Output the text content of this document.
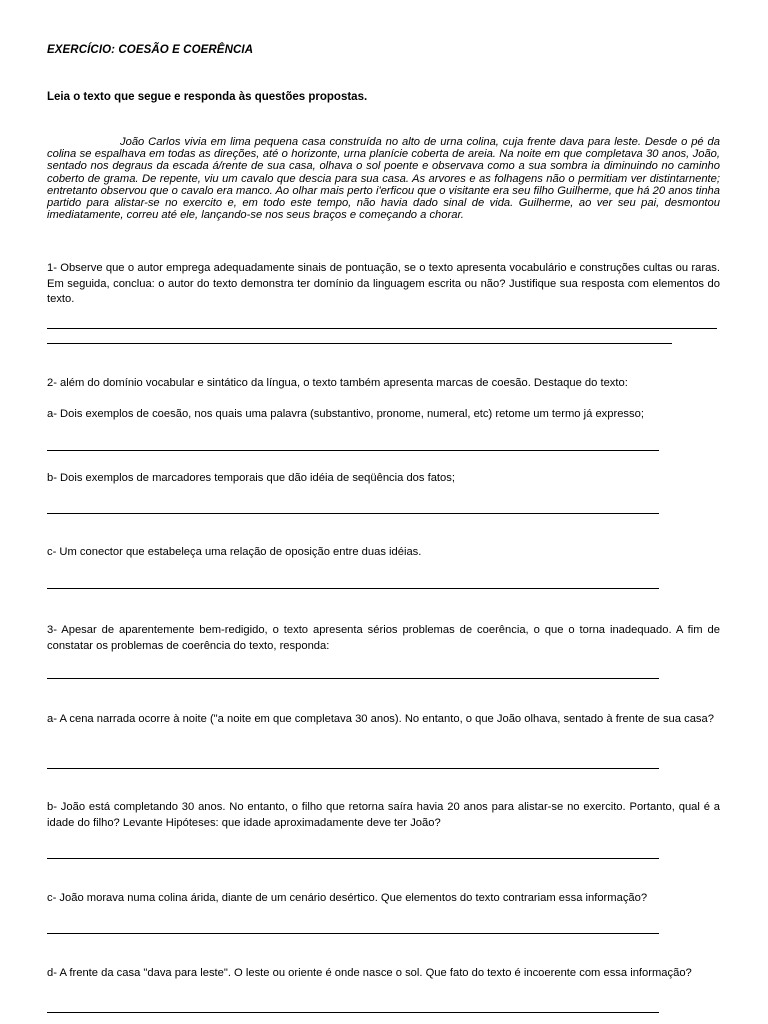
EXERCÍCIO: COESÃO E COERÊNCIA
Leia o texto que segue e responda às questões propostas.
João Carlos vivia em lima pequena casa construída no alto de urna colina, cuja frente dava para leste. Desde o pé da colina se espalhava em todas as direções, até o horizonte, urna planície coberta de areia. Na noite em que completava 30 anos, João, sentado nos degraus da escada á/rente de sua casa, olhava o sol poente e observava como a sua sombra ia diminuindo no caminho coberto de grama. De repente, viu um cavalo que descia para sua casa. As arvores e as folhagens não o permitiam ver distintarnente; entretanto observou que o cavalo era manco. Ao olhar mais perto i'erficou que o visitante era seu filho Guilherme, que há 20 anos tinha partido para alistar-se no exercito e, em todo este tempo, não havia dado sinal de vida. Guilherme, ao ver seu pai, desmontou imediatamente, correu até ele, lançando-se nos seus braços e começando a chorar.
1- Observe que o autor emprega adequadamente sinais de pontuação, se o texto apresenta vocabulário e construções cultas ou raras. Em seguida, conclua: o autor do texto demonstra ter domínio da linguagem escrita ou não? Justifique sua resposta com elementos do texto.
2- além do domínio vocabular e sintático da língua, o texto também apresenta marcas de coesão. Destaque do texto:
a- Dois exemplos de coesão, nos quais uma palavra (substantivo, pronome, numeral, etc) retome um termo já expresso;
b- Dois exemplos de marcadores temporais que dão idéia de seqüência dos fatos;
c- Um conector que estabeleça uma relação de oposição entre duas idéias.
3- Apesar de aparentemente bem-redigido, o texto apresenta sérios problemas de coerência, o que o torna inadequado. A fim de constatar os problemas de coerência do texto, responda:
a- A cena narrada ocorre à noite ("a noite em que completava 30 anos). No entanto, o que João olhava, sentado à frente de sua casa?
b- João está completando 30 anos. No entanto, o filho que retorna saíra havia 20 anos para alistar-se no exercito. Portanto, qual é a idade do filho? Levante Hipóteses: que idade aproximadamente deve ter João?
c- João morava numa colina árida, diante de um cenário desértico. Que elementos do texto contrariam essa informação?
d- A frente da casa "dava para leste". O leste ou oriente é onde nasce o sol. Que fato do texto é incoerente com essa informação?
